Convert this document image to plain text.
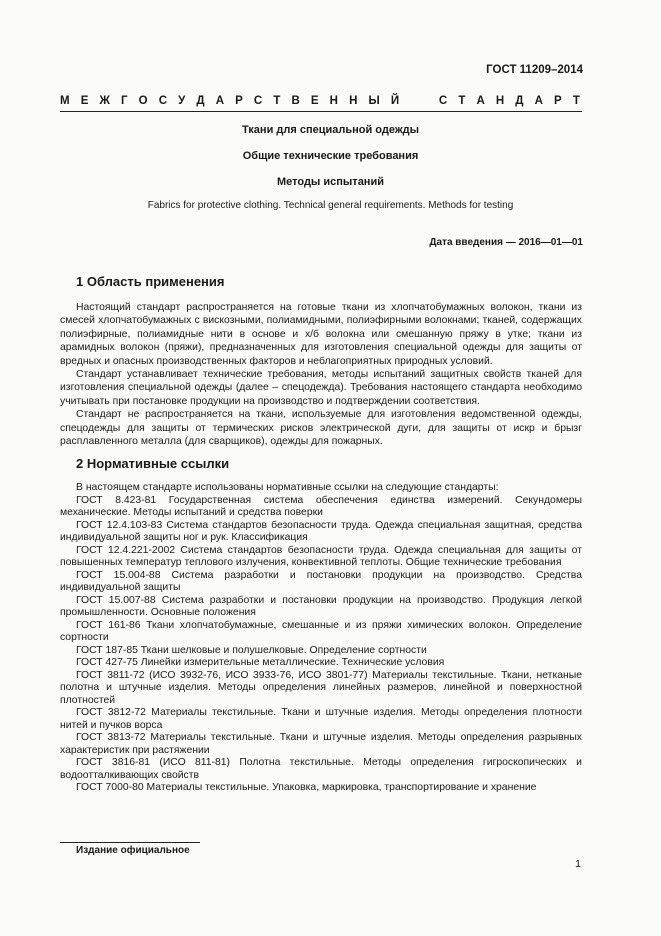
ГОСТ 11209–2014
М Е Ж Г О С У Д А Р С Т В Е Н Н Ы Й

	С Т А Н Д А Р Т
Ткани для специальной одежды
Общие технические требования
Методы испытаний
Fabrics for protective clothing. Technical general requirements. Methods for testing
Дата введения — 2016—01—01
1 Область применения

Настоящий стандарт распространяется на готовые ткани из хлопчатобумажных волокон, ткани из смесей хлопчатобумажных с вискозными, полиамидными, полиэфирными волокнами; тканей, содержащих полиэфирные, полиамидные нити в основе и х/б волокна или смешанную пряжу в утке; ткани из арамидных волокон (пряжи), предназначенных для изготовления специальной одежды для защиты от вредных и опасных производственных факторов и неблагоприятных природных условий.

Стандарт устанавливает технические требования, методы испытаний защитных свойств тканей для изготовления специальной одежды (далее – спецодежда). Требования настоящего стандарта необходимо учитывать при постановке продукции на производство и подтверждении соответствия.

Стандарт не распространяется на ткани, используемые для изготовления ведомственной одежды, спецодежды для защиты от термических рисков электрической дуги, для защиты от искр и брызг расплавленного металла (для сварщиков), одежды для пожарных.

2 Нормативные ссылки

В настоящем стандарте использованы нормативные ссылки на следующие стандарты:

ГОСТ 8.423-81 Государственная система обеспечения единства измерений. Секундомеры механические. Методы испытаний и средства поверки

ГОСТ 12.4.103-83 Система стандартов безопасности труда. Одежда специальная защитная, средства индивидуальной защиты ног и рук. Классификация

ГОСТ 12.4.221-2002 Система стандартов безопасности труда. Одежда специальная для защиты от повышенных температур теплового излучения, конвективной теплоты. Общие технические требования

ГОСТ 15.004-88 Система разработки и постановки продукции на производство. Средства индивидуальной защиты

ГОСТ 15.007-88 Система разработки и постановки продукции на производство. Продукция легкой промышленности. Основные положения

ГОСТ 161-86 Ткани хлопчатобумажные, смешанные и из пряжи химических волокон. Определение сортности

ГОСТ 187-85 Ткани шелковые и полушелковые. Определение сортности

ГОСТ 427-75 Линейки измерительные металлические. Технические условия

ГОСТ 3811-72 (ИСО 3932-76, ИСО 3933-76, ИСО 3801-77) Материалы текстильные. Ткани, нетканые полотна и штучные изделия. Методы определения линейных размеров, линейной и поверхностной плотностей

ГОСТ 3812-72 Материалы текстильные. Ткани и штучные изделия. Методы определения плотности нитей и пучков ворса

ГОСТ 3813-72 Материалы текстильные. Ткани и штучные изделия. Методы определения разрывных характеристик при растяжении

ГОСТ 3816-81 (ИСО 811-81) Полотна текстильные. Методы определения гигроскопических и водоотталкивающих свойств

ГОСТ 7000-80 Материалы текстильные. Упаковка, маркировка, транспортирование и хранение

Издание официальное
1
